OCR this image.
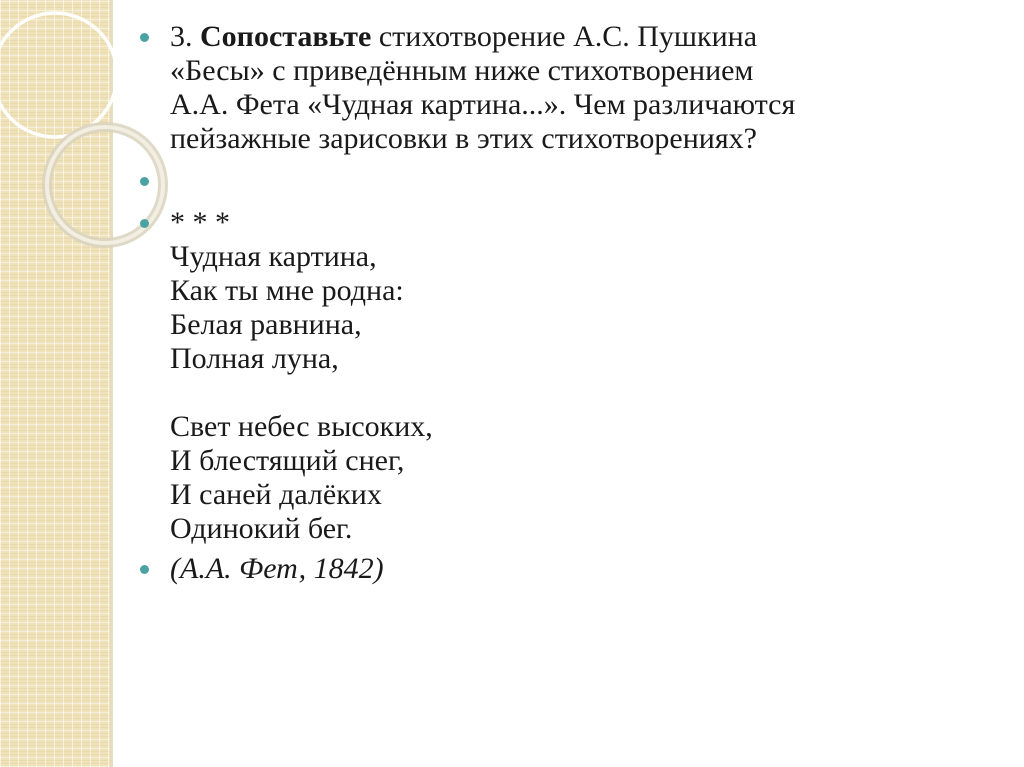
3. Сопоставьте стихотворение А.С. Пушкина
«Бесы» с приведённым ниже стихотворением
А.А. Фета «Чудная картина...». Чем различаются
пейзажные зарисовки в этих стихотворениях?
* * *
Чудная картина,
Как ты мне родна:
Белая равнина,
Полная луна,
Свет небес высоких,
И блестящий снег,
И саней далёких
Одинокий бег.
(А.А. Фет, 1842)
